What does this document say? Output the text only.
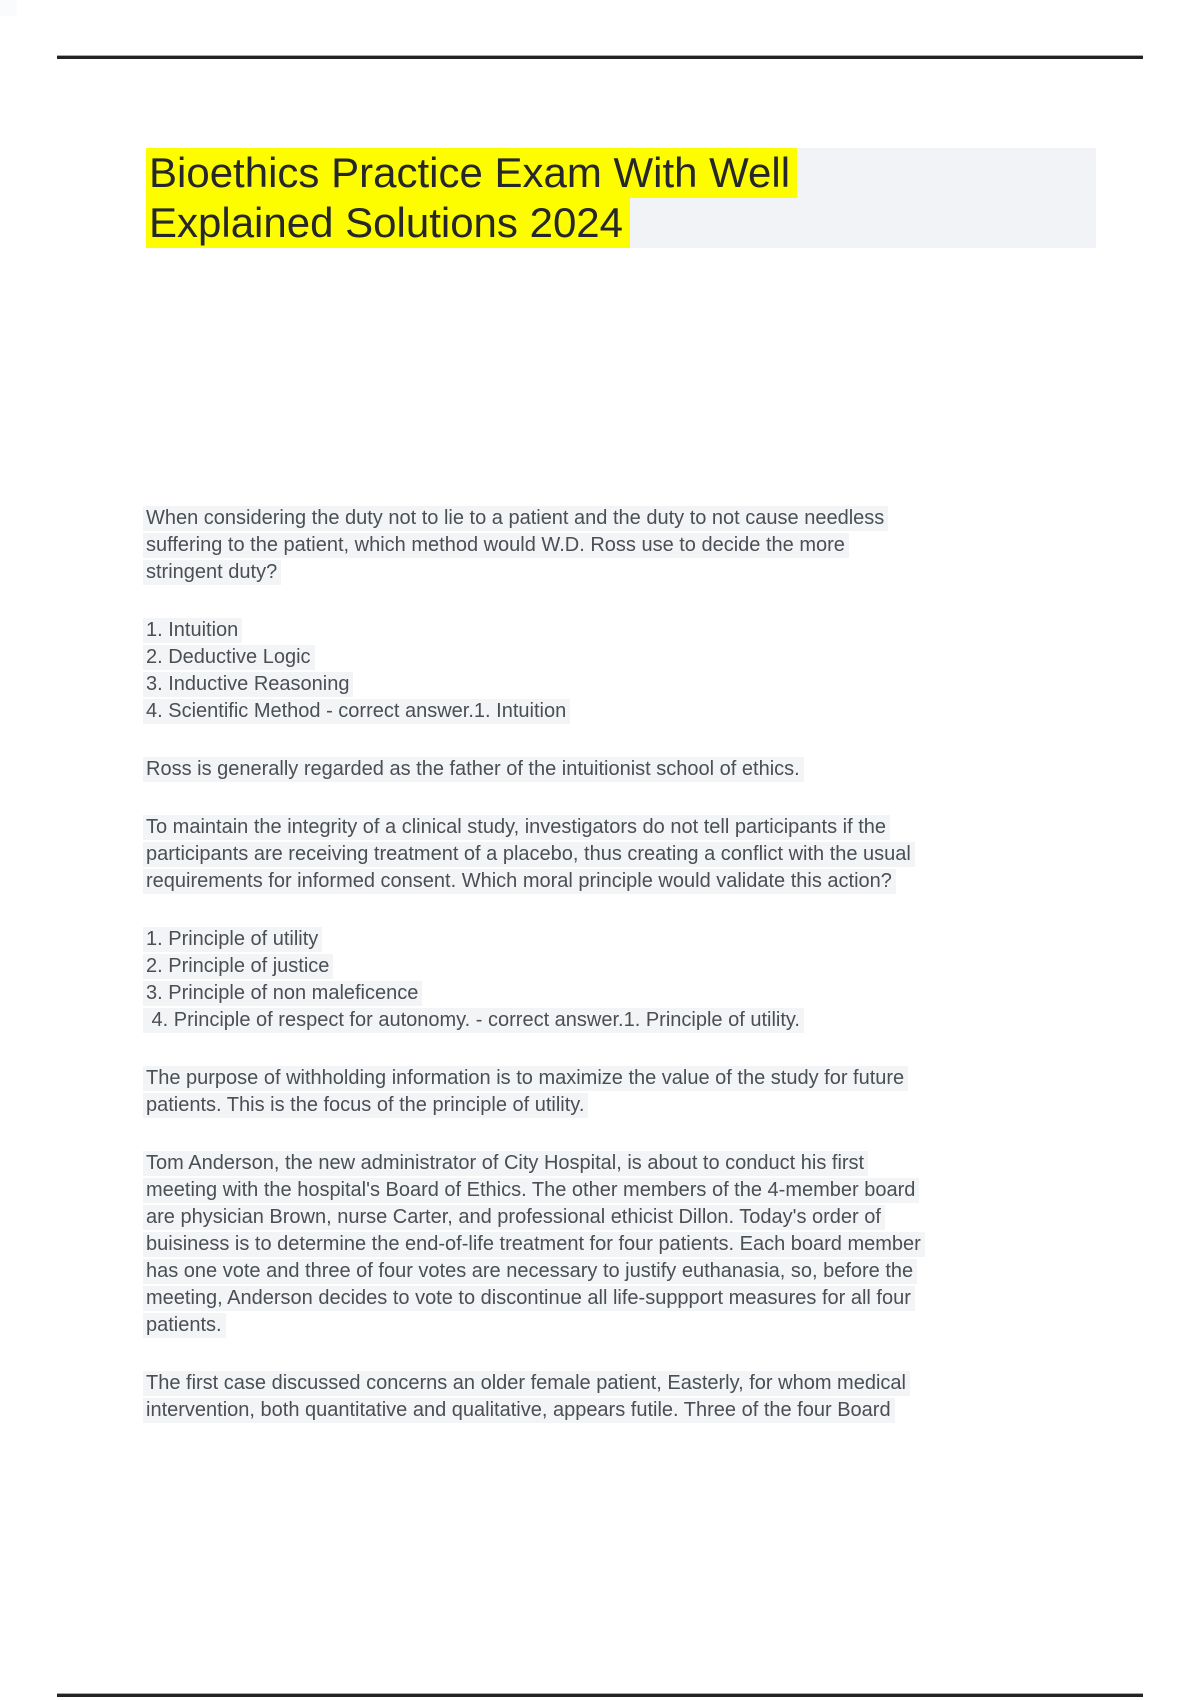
Bioethics Practice Exam With Well
Explained Solutions 2024
When considering the duty not to lie to a patient and the duty to not cause needless
suffering to the patient, which method would W.D. Ross use to decide the more
stringent duty?
1. Intuition
2. Deductive Logic
3. Inductive Reasoning
4. Scientific Method - correct answer.1. Intuition
Ross is generally regarded as the father of the intuitionist school of ethics.
To maintain the integrity of a clinical study, investigators do not tell participants if the
participants are receiving treatment of a placebo, thus creating a conflict with the usual
requirements for informed consent. Which moral principle would validate this action?
1. Principle of utility
2. Principle of justice
3. Principle of non maleficence
4. Principle of respect for autonomy. - correct answer.1. Principle of utility.
The purpose of withholding information is to maximize the value of the study for future
patients. This is the focus of the principle of utility.
Tom Anderson, the new administrator of City Hospital, is about to conduct his first
meeting with the hospital's Board of Ethics. The other members of the 4-member board
are physician Brown, nurse Carter, and professional ethicist Dillon. Today's order of
buisiness is to determine the end-of-life treatment for four patients. Each board member
has one vote and three of four votes are necessary to justify euthanasia, so, before the
meeting, Anderson decides to vote to discontinue all life-suppport measures for all four
patients.
The first case discussed concerns an older female patient, Easterly, for whom medical
intervention, both quantitative and qualitative, appears futile. Three of the four Board
